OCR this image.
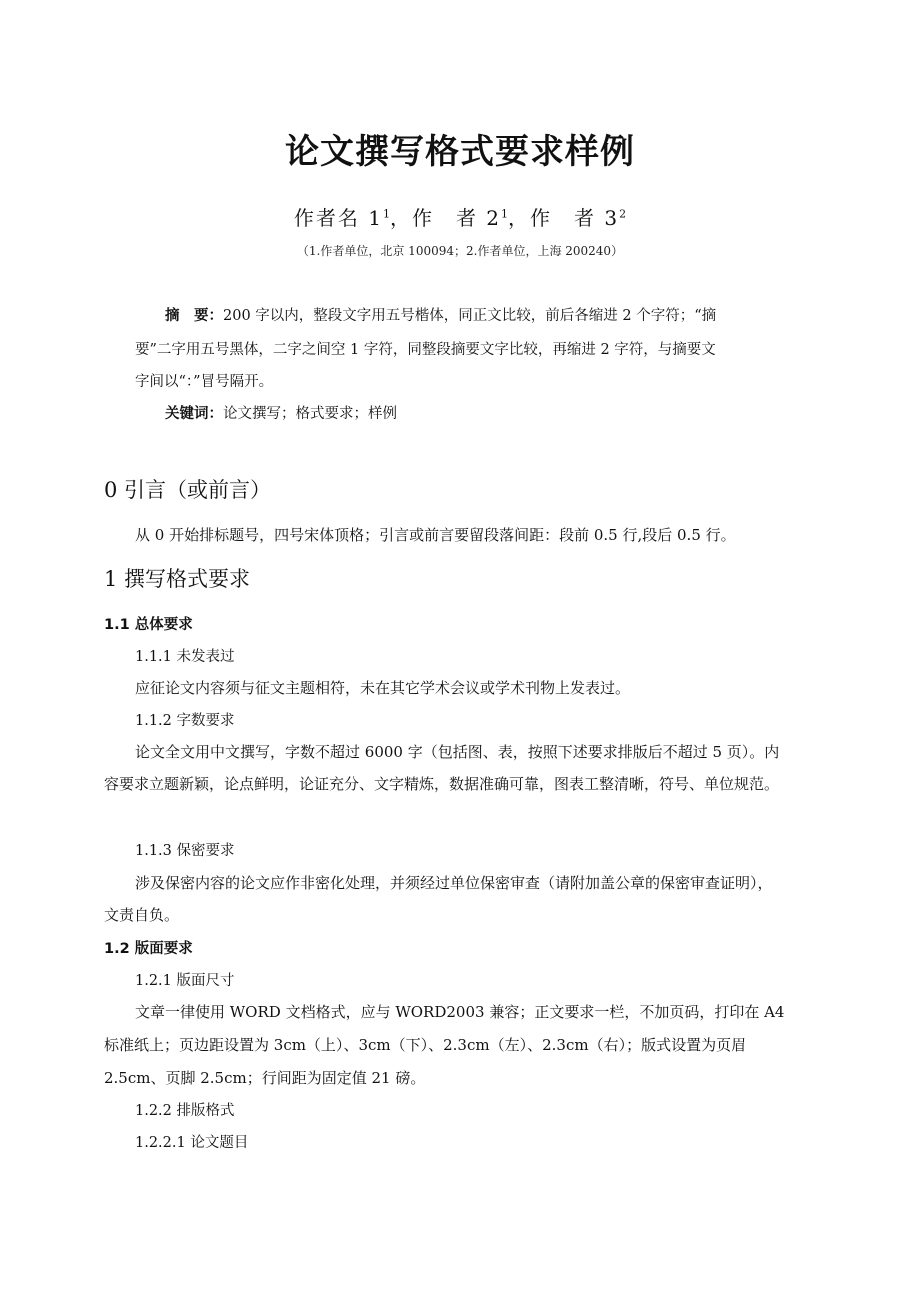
论文撰写格式要求样例
作者名 $1^1$，作　者 $2^1$，作　者 $3^2$
（1.作者单位，北京 100094；2.作者单位，上海 200240）
摘　要：200 字以内，整段文字用五号楷体，同正文比较，前后各缩进 2 个字符；“摘
要”二字用五号黑体，二字之间空 1 字符，同整段摘要文字比较，再缩进 2 字符，与摘要文
字间以“：”冒号隔开。
关键词：论文撰写；格式要求；样例
0 引言（或前言）
从 0 开始排标题号，四号宋体顶格；引言或前言要留段落间距：段前 0.5 行,段后 0.5 行。
1 撰写格式要求
1.1 总体要求
1.1.1 未发表过
应征论文内容须与征文主题相符，未在其它学术会议或学术刊物上发表过。
1.1.2 字数要求
论文全文用中文撰写，字数不超过 6000 字（包括图、表，按照下述要求排版后不超过 5 页）。内
容要求立题新颖，论点鲜明，论证充分、文字精炼，数据准确可靠，图表工整清晰，符号、单位规范。
1.1.3 保密要求
涉及保密内容的论文应作非密化处理，并须经过单位保密审查（请附加盖公章的保密审查证明），
文责自负。
1.2 版面要求
1.2.1 版面尺寸
文章一律使用 WORD 文档格式，应与 WORD2003 兼容；正文要求一栏，不加页码，打印在 A4
标准纸上；页边距设置为 3cm（上）、3cm（下）、2.3cm（左）、2.3cm（右）；版式设置为页眉
2.5cm、页脚 2.5cm；行间距为固定值 21 磅。
1.2.2 排版格式
1.2.2.1 论文题目
